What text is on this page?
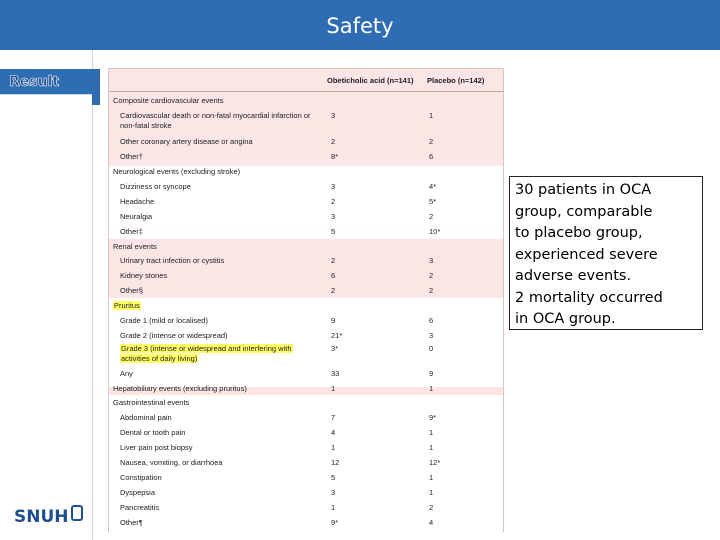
Safety
Result	Obeticholic acid (n=141) Placebo (n=142)
Composite cardiovascular events
Cardiovascular death or non-fatal myocardial infarction or	3	1
non-fatal stroke
Other coronary artery disease or angina	2	2
Other†	8*	6
Neurological events (excluding stroke)
Dizziness or syncope	3	4*
Headache	2	5*
Neuralgia	3	2
Other‡	5	10*
Renal events
Urinary tract infection or cystitis	2	3
Kidney stones	6	2
Other§	2	2
Pruritus
Grade 1 (mild or localised)	9	6
Grade 2 (intense or widespread)	21*	3
Grade 3 (intense or widespread and interfering with	3*	0
activities of daily living)
Any	33	9
Hepatobiliary events (excluding pruritus)	1	1
Gastrointestinal events
Abdominal pain	7	9*
Dental or tooth pain	4	1
Liver pain post biopsy	1	1
Nausea, vomiting, or diarrhoea	12	12*
Constipation	5	1
Dyspepsia	3	1
Pancreatitis	1	2
Other¶	9*	4
30 patients in OCA
group, comparable
to placebo group,
experienced severe
adverse events.
2 mortality occurred
in OCA group.
SNUH
